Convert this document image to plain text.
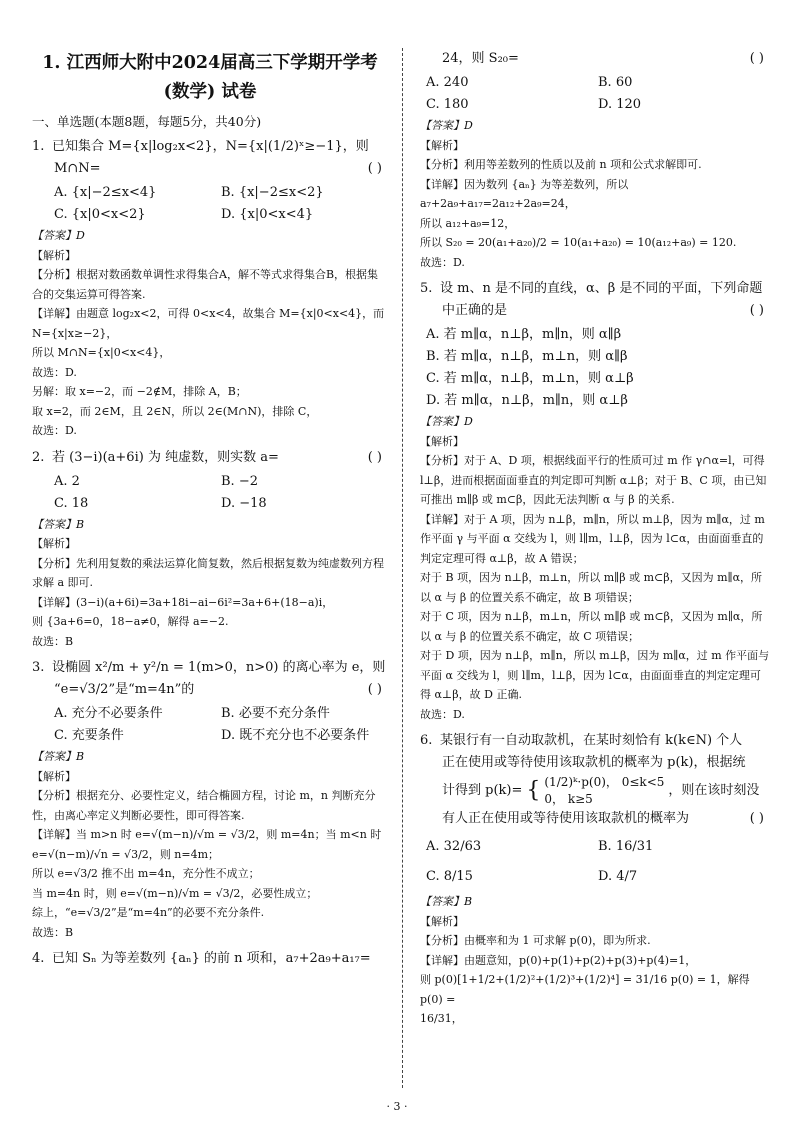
1. 江西师大附中2024届高三下学期开学考
(数学) 试卷
一、单选题(本题8题，每题5分，共40分)
1. 已知集合 M={x|log₂x<2}，N={x|(1/2)ˣ≥−1}，则
M∩N=	( )
A. {x|−2≤x<4}	B. {x|−2≤x<2}
C. {x|0<x<2}	D. {x|0<x<4}
【答案】D
【解析】
【分析】根据对数函数单调性求得集合A，解不等式求得集合B，根据集合的交集运算可得答案.
【详解】由题意 log₂x<2，可得 0<x<4，故集合 M={x|0<x<4}，而 N={x|x≥−2}，
所以 M∩N={x|0<x<4}，
故选：D.
另解：取 x=−2，而 −2∉M，排除 A，B；
取 x=2，而 2∈M，且 2∈N，所以 2∈(M∩N)，排除 C，
故选：D.
2. 若 (3−i)(a+6i) 为 纯虚数，则实数 a=	( )
A. 2	B. −2
C. 18	D. −18
【答案】B
【解析】
【分析】先利用复数的乘法运算化简复数，然后根据复数为纯虚数列方程求解 a 即可.
【详解】(3−i)(a+6i)=3a+18i−ai−6i²=3a+6+(18−a)i，
则 {3a+6=0，18−a≠0，解得 a=−2.
故选：B
3. 设椭圆 x²/m + y²/n = 1(m>0，n>0) 的离心率为 e，则
“e=√3/2”是“m=4n”的	( )
A. 充分不必要条件	B. 必要不充分条件
C. 充要条件	D. 既不充分也不必要条件
【答案】B
【解析】
【分析】根据充分、必要性定义，结合椭圆方程，讨论 m，n 判断充分性，由离心率定义判断必要性，即可得答案.
【详解】当 m>n 时 e=√(m−n)/√m = √3/2，则 m=4n；当 m<n 时
e=√(n−m)/√n = √3/2，则 n=4m；
所以 e=√3/2 推不出 m=4n，充分性不成立；
当 m=4n 时，则 e=√(m−n)/√m = √3/2，必要性成立；
综上，“e=√3/2”是“m=4n”的必要不充分条件.
故选：B
4. 已知 Sₙ 为等差数列 {aₙ} 的前 n 项和，a₇+2a₉+a₁₇=
24，则 S₂₀=	( )
A. 240	B. 60
C. 180	D. 120
【答案】D
【解析】
【分析】利用等差数列的性质以及前 n 项和公式求解即可.
【详解】因为数列 {aₙ} 为等差数列，所以 a₇+2a₉+a₁₇=2a₁₂+2a₉=24，
所以 a₁₂+a₉=12，
所以 S₂₀ = 20(a₁+a₂₀)/2 = 10(a₁+a₂₀) = 10(a₁₂+a₉) = 120.
故选：D.
5. 设 m、n 是不同的直线，α、β 是不同的平面，下列命题
中正确的是	( )
A. 若 m∥α，n⊥β，m∥n，则 α∥β
B. 若 m∥α，n⊥β，m⊥n，则 α∥β
C. 若 m∥α，n⊥β，m⊥n，则 α⊥β
D. 若 m∥α，n⊥β，m∥n，则 α⊥β
【答案】D
【解析】
【分析】对于 A、D 项，根据线面平行的性质可过 m 作 γ∩α=l，可得 l⊥β，进而根据面面垂直的判定即可判断 α⊥β；对于 B、C 项，由已知可推出 m∥β 或 m⊂β，因此无法判断 α 与 β 的关系.
【详解】对于 A 项，因为 n⊥β，m∥n，所以 m⊥β，因为 m∥α，过 m 作平面 γ 与平面 α 交线为 l，则 l∥m，l⊥β，因为 l⊂α，由面面垂直的判定定理可得 α⊥β，故 A 错误；
对于 B 项，因为 n⊥β，m⊥n，所以 m∥β 或 m⊂β，又因为 m∥α，所以 α 与 β 的位置关系不确定，故 B 项错误；
对于 C 项，因为 n⊥β，m⊥n，所以 m∥β 或 m⊂β，又因为 m∥α，所以 α 与 β 的位置关系不确定，故 C 项错误；
对于 D 项，因为 n⊥β，m∥n，所以 m⊥β，因为 m∥α，过 m 作平面与平面 α 交线为 l，则 l∥m，l⊥β，因为 l⊂α，由面面垂直的判定定理可得 α⊥β，故 D 正确.
故选：D.
6. 某银行有一自动取款机，在某时刻恰有 k(k∈N) 个人
正在使用或等待使用该取款机的概率为 p(k)，根据统

计得到 p(k)= { (1/2)ᵏ·p(0)， 0≤k<5
0， k≥5
，则在该时刻没

有人正在使用或等待使用该取款机的概率为	( )
A. 32/63	B. 16/31
C. 8/15	D. 4/7
【答案】B
【解析】
【分析】由概率和为 1 可求解 p(0)，即为所求.
【详解】由题意知，p(0)+p(1)+p(2)+p(3)+p(4)=1，
则 p(0)[1+1/2+(1/2)²+(1/2)³+(1/2)⁴] = 31/16 p(0) = 1，解得 p(0) =
16/31，
· 3 ·
